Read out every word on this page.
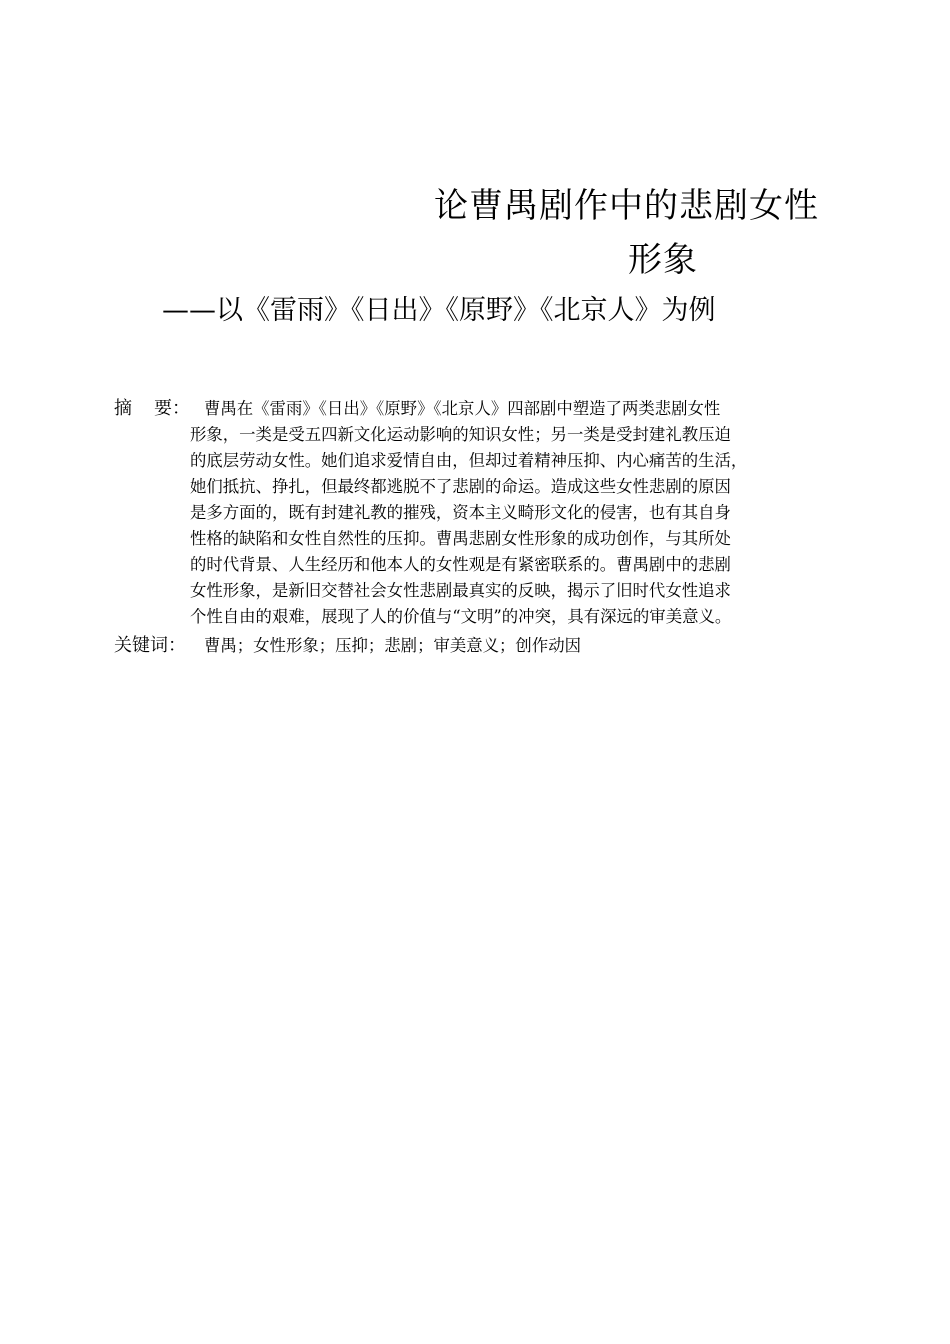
论曹禺剧作中的悲剧女性
形象
——以《雷雨》《日出》《原野》《北京人》为例
摘 要： 曹禺在《雷雨》《日出》《原野》《北京人》四部剧中塑造了两类悲剧女性
形象，一类是受五四新文化运动影响的知识女性；另一类是受封建礼教压迫
的底层劳动女性。她们追求爱情自由，但却过着精神压抑、内心痛苦的生活，
她们抵抗、挣扎，但最终都逃脱不了悲剧的命运。造成这些女性悲剧的原因
是多方面的，既有封建礼教的摧残，资本主义畸形文化的侵害，也有其自身
性格的缺陷和女性自然性的压抑。曹禺悲剧女性形象的成功创作，与其所处
的时代背景、人生经历和他本人的女性观是有紧密联系的。曹禺剧中的悲剧
女性形象，是新旧交替社会女性悲剧最真实的反映，揭示了旧时代女性追求
个性自由的艰难，展现了人的价值与“文明”的冲突，具有深远的审美意义。
关键词： 曹禺；女性形象；压抑；悲剧；审美意义；创作动因
